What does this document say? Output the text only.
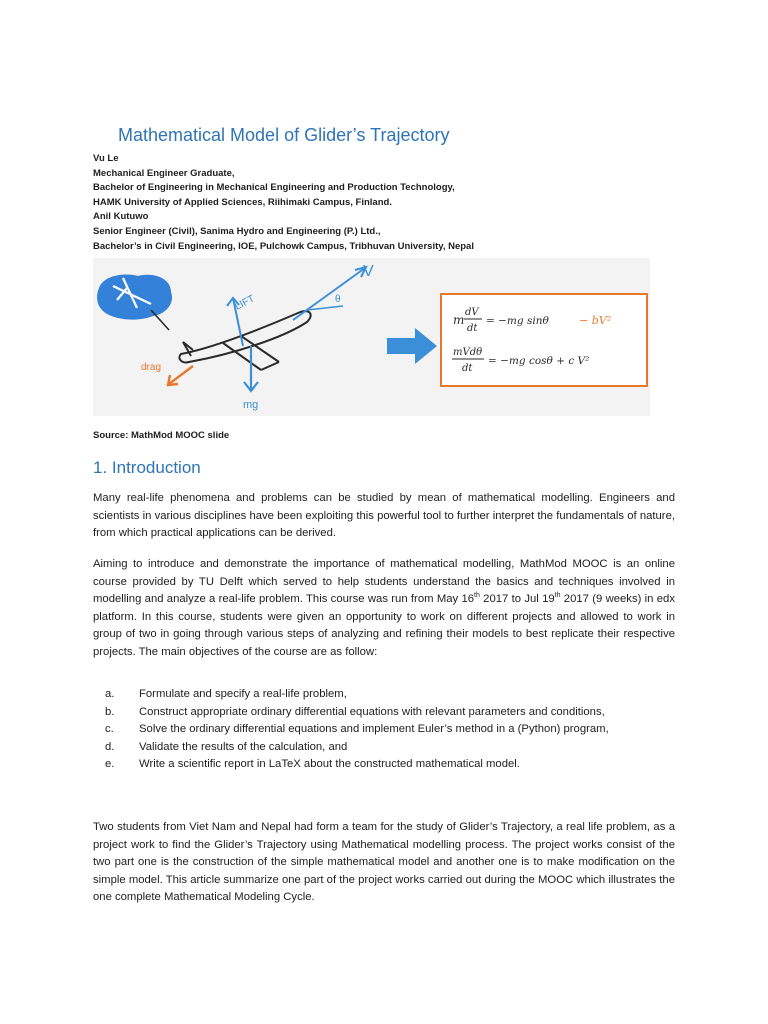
Mathematical Model of Glider’s Trajectory
Vu Le
Mechanical Engineer Graduate,
Bachelor of Engineering in Mechanical Engineering and Production Technology,
HAMK University of Applied Sciences, Riihimaki Campus, Finland.
Anil Kutuwo
Senior Engineer (Civil), Sanima Hydro and Engineering (P.) Ltd.,
Bachelor’s in Civil Engineering, IOE, Pulchowk Campus, Tribhuvan University, Nepal
V
LIFT	θ
drag
mg
m
dV
dt
= −mg sinθ	− bV²
mVdθ
dt
= −mg cosθ + c V²
Source: MathMod MOOC slide
1. Introduction
Many real-life phenomena and problems can be studied by mean of mathematical modelling. Engineers and scientists in various disciplines have been exploiting this powerful tool to further interpret the fundamentals of nature, from which practical applications can be derived.
Aiming to introduce and demonstrate the importance of mathematical modelling, MathMod MOOC is an online course provided by TU Delft which served to help students understand the basics and techniques involved in modelling and analyze a real-life problem. This course was run from May 16th 2017 to Jul 19th 2017 (9 weeks) in edx platform. In this course, students were given an opportunity to work on different projects and allowed to work in group of two in going through various steps of analyzing and refining their models to best replicate their respective projects. The main objectives of the course are as follow:
a.	Formulate and specify a real-life problem,
b.	Construct appropriate ordinary differential equations with relevant parameters and conditions,
c.	Solve the ordinary differential equations and implement Euler’s method in a (Python) program,
d.	Validate the results of the calculation, and
e.	Write a scientific report in LaTeX about the constructed mathematical model.
Two students from Viet Nam and Nepal had form a team for the study of Glider’s Trajectory, a real life problem, as a project work to find the Glider’s Trajectory using Mathematical modelling process. The project works consist of the two part one is the construction of the simple mathematical model and another one is to make modification on the simple model. This article summarize one part of the project works carried out during the MOOC which illustrates the one complete Mathematical Modeling Cycle.
